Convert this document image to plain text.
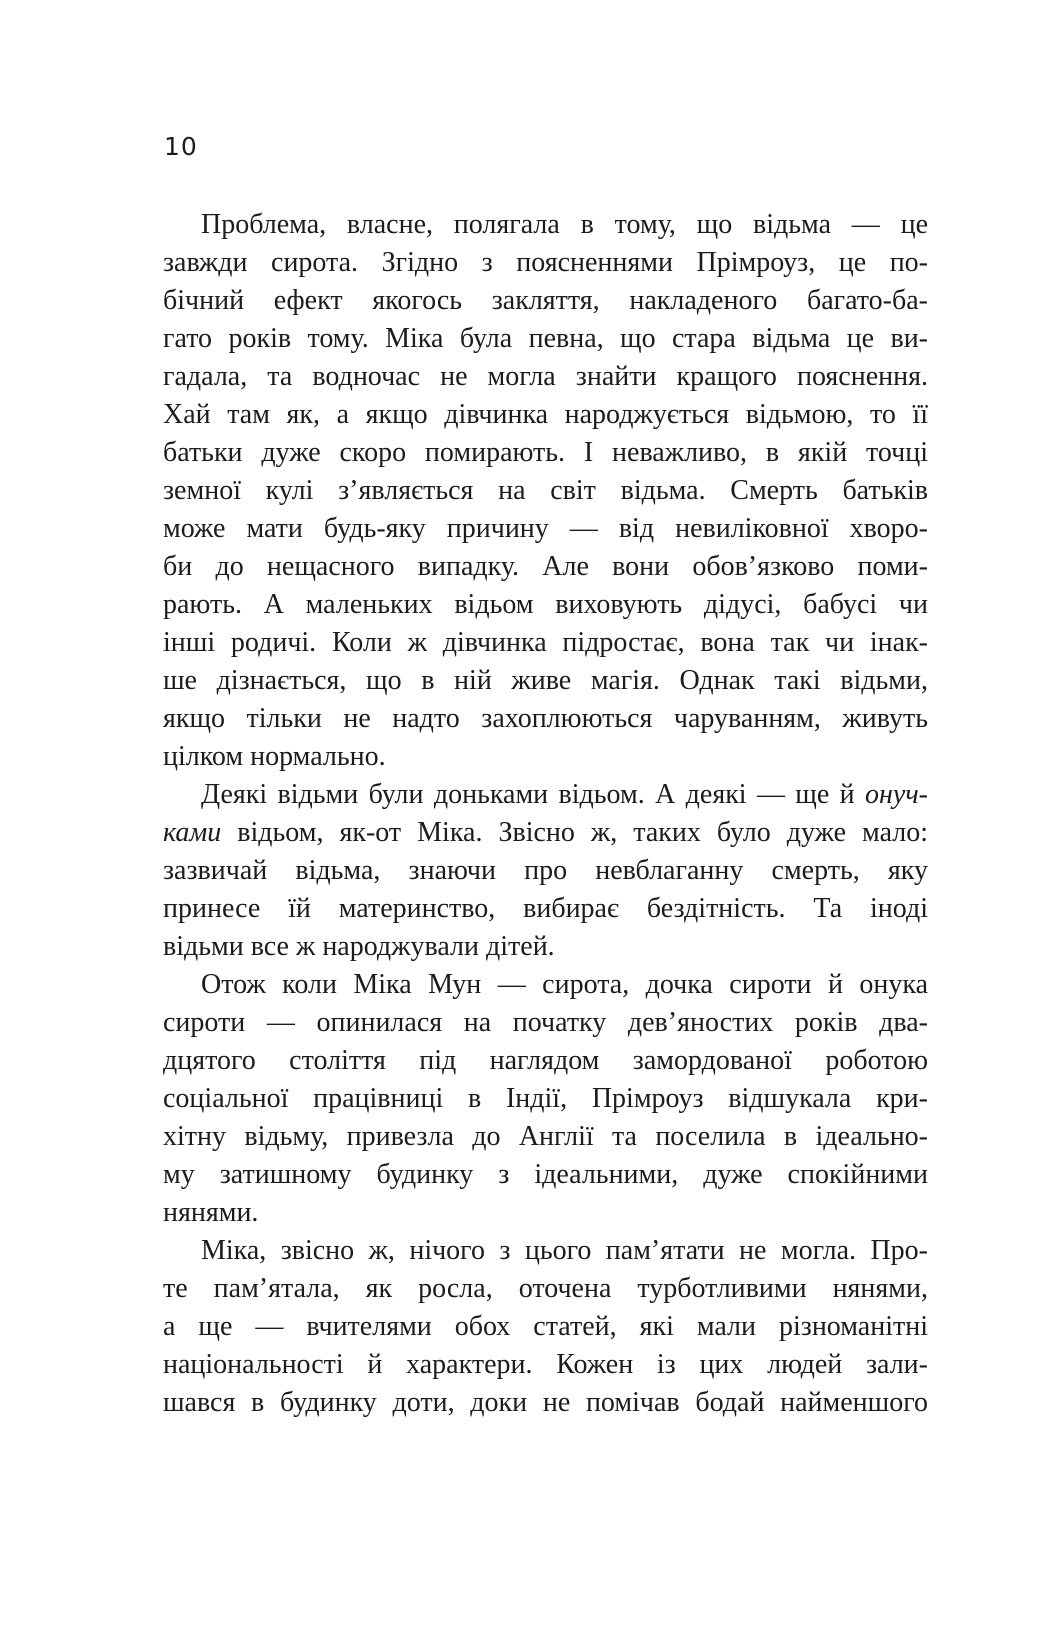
10
Проблема, власне, полягала в тому, що відьма — це
завжди сирота. Згідно з поясненнями Прімроуз, це по-
бічний ефект якогось закляття, накладеного багато-ба-
гато років тому. Міка була певна, що стара відьма це ви-
гадала, та водночас не могла знайти кращого пояснення.
Хай там як, а якщо дівчинка народжується відьмою, то її
батьки дуже скоро помирають. І неважливо, в якій точці
земної кулі з’являється на світ відьма. Смерть батьків
може мати будь-яку причину — від невиліковної хворо-
би до нещасного випадку. Але вони обов’язково поми-
рають. А маленьких відьом виховують дідусі, бабусі чи
інші родичі. Коли ж дівчинка підростає, вона так чи інак-
ше дізнається, що в ній живе магія. Однак такі відьми,
якщо тільки не надто захоплюються чаруванням, живуть
цілком нормально.
Деякі відьми були доньками відьом. А деякі — ще й онуч-
ками відьом, як-от Міка. Звісно ж, таких було дуже мало:
зазвичай відьма, знаючи про невблаганну смерть, яку
принесе їй материнство, вибирає бездітність. Та іноді
відьми все ж народжували дітей.
Отож коли Міка Мун — сирота, дочка сироти й онука
сироти — опинилася на початку дев’яностих років два-
дцятого століття під наглядом замордованої роботою
соціальної працівниці в Індії, Прімроуз відшукала кри-
хітну відьму, привезла до Англії та поселила в ідеально-
му затишному будинку з ідеальними, дуже спокійними
нянями.
Міка, звісно ж, нічого з цього пам’ятати не могла. Про-
те пам’ятала, як росла, оточена турботливими нянями,
а ще — вчителями обох статей, які мали різноманітні
національності й характери. Кожен із цих людей зали-
шався в будинку доти, доки не помічав бодай найменшого
